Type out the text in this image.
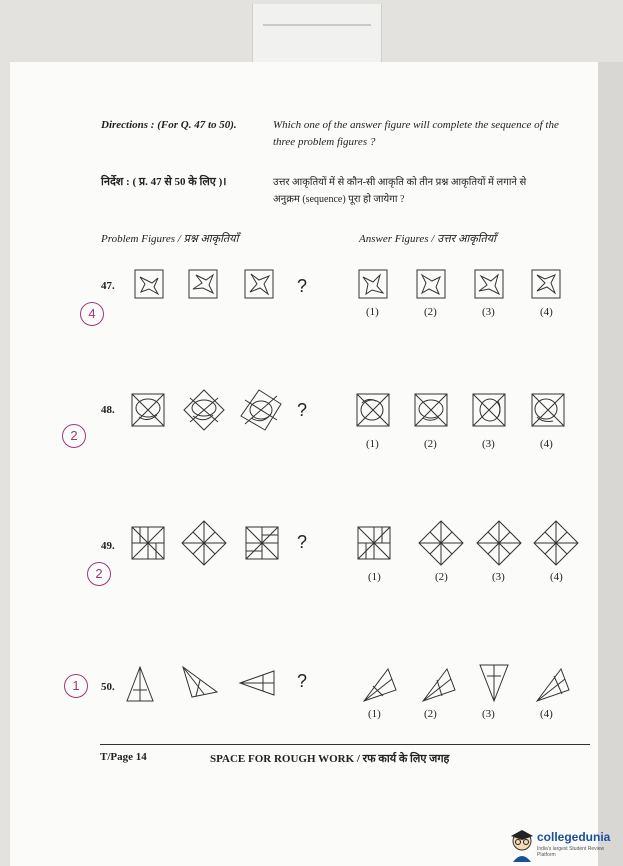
Directions : (For Q. 47 to 50).	Which one of the answer figure will complete the sequence of the
three problem figures ?
निर्देश : ( प्र. 47 से 50 के लिए )।	उत्तर आकृतियों में से कौन-सी आकृति को तीन प्रश्न आकृतियों में लगाने से
अनुक्रम (sequence) पूरा हो जायेगा ?
Problem Figures / प्रश्न आकृतियाँ	Answer Figures / उत्तर आकृतियाँ
4
47.	?
(1)	(2)	(3)	(4)
2
48.	?
(1)	(2)	(3)	(4)
2
49.	?
(1)	(2)	(3)	(4)
1	50.	?
(1)	(2)	(3)	(4)
T/Page 14	SPACE FOR ROUGH WORK / रफ कार्य के लिए जगह
collegedunia
India's largest Student Review Platform
